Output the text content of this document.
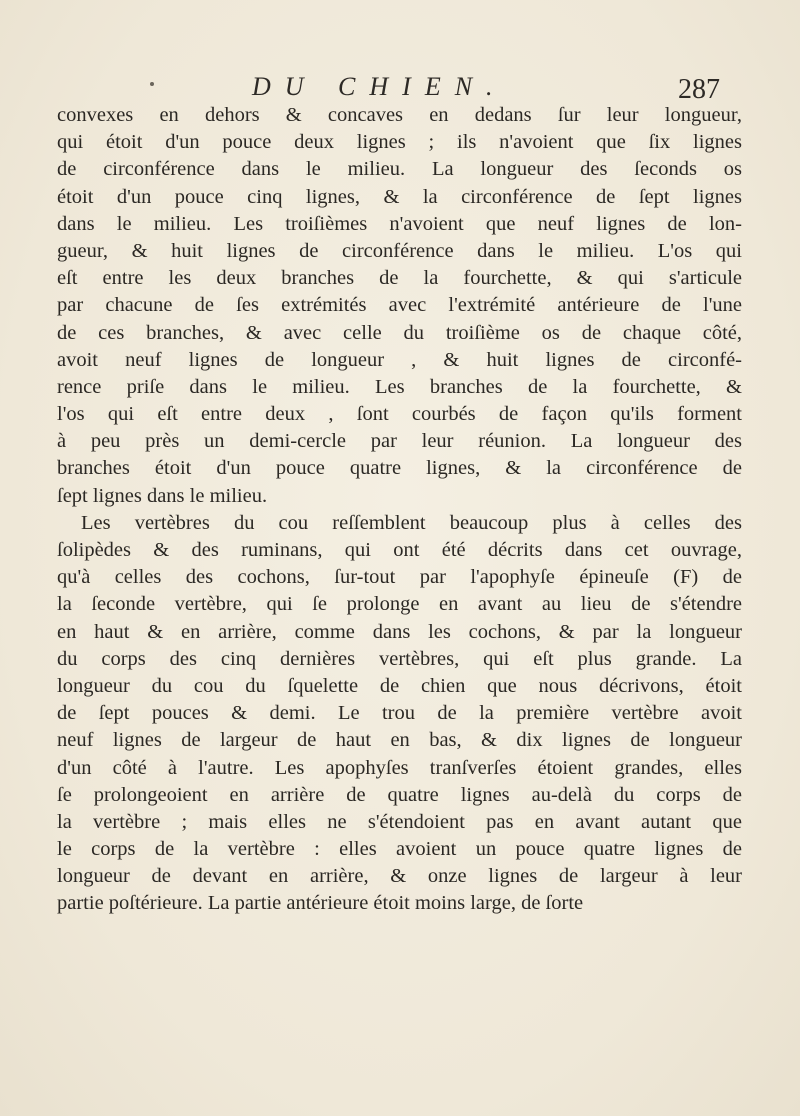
DU CHIEN.	287
convexes en dehors & concaves en dedans ſur leur longueur,
qui étoit d'un pouce deux lignes ; ils n'avoient que ſix lignes
de circonférence dans le milieu. La longueur des ſeconds os
étoit d'un pouce cinq lignes, & la circonférence de ſept lignes
dans le milieu. Les troiſièmes n'avoient que neuf lignes de lon-
gueur, & huit lignes de circonférence dans le milieu. L'os qui
eſt entre les deux branches de la fourchette, & qui s'articule
par chacune de ſes extrémités avec l'extrémité antérieure de l'une
de ces branches, & avec celle du troiſième os de chaque côté,
avoit neuf lignes de longueur , & huit lignes de circonfé-
rence priſe dans le milieu. Les branches de la fourchette, &
l'os qui eſt entre deux , ſont courbés de façon qu'ils forment
à peu près un demi-cercle par leur réunion. La longueur des
branches étoit d'un pouce quatre lignes, & la circonférence de
ſept lignes dans le milieu.
Les vertèbres du cou reſſemblent beaucoup plus à celles des
ſolipèdes & des ruminans, qui ont été décrits dans cet ouvrage,
qu'à celles des cochons, ſur-tout par l'apophyſe épineuſe (F) de
la ſeconde vertèbre, qui ſe prolonge en avant au lieu de s'étendre
en haut & en arrière, comme dans les cochons, & par la longueur
du corps des cinq dernières vertèbres, qui eſt plus grande. La
longueur du cou du ſquelette de chien que nous décrivons, étoit
de ſept pouces & demi. Le trou de la première vertèbre avoit
neuf lignes de largeur de haut en bas, & dix lignes de longueur
d'un côté à l'autre. Les apophyſes tranſverſes étoient grandes, elles
ſe prolongeoient en arrière de quatre lignes au-delà du corps de
la vertèbre ; mais elles ne s'étendoient pas en avant autant que
le corps de la vertèbre : elles avoient un pouce quatre lignes de
longueur de devant en arrière, & onze lignes de largeur à leur
partie poſtérieure. La partie antérieure étoit moins large, de ſorte
